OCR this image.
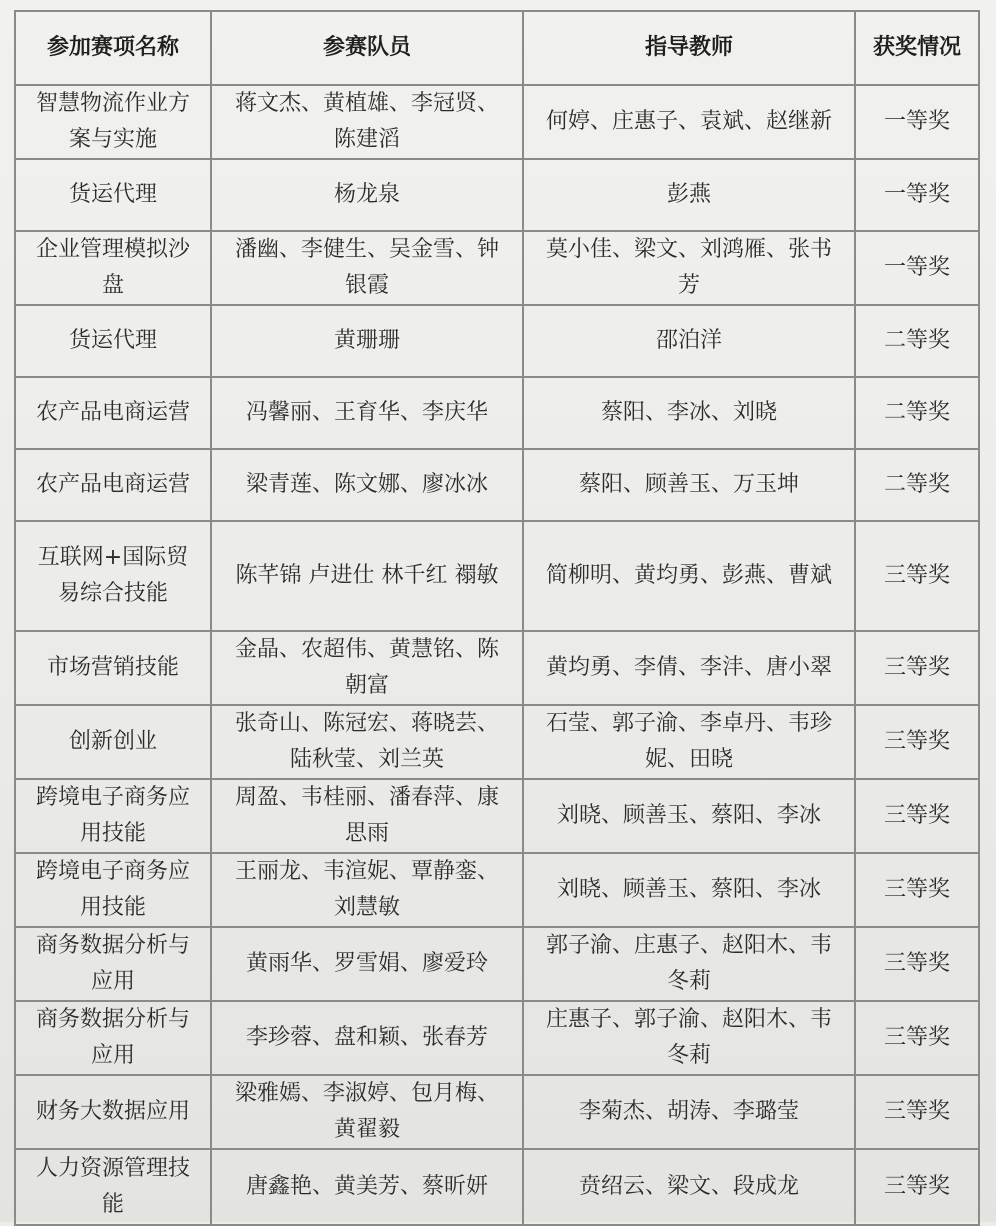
参加赛项名称	参赛队员	指导教师	获奖情况
智慧物流作业方案与实施	蒋文杰、黄植雄、李冠贤、陈建滔	何婷、庄惠子、袁斌、赵继新	一等奖
货运代理	杨龙泉	彭燕	一等奖
企业管理模拟沙盘	潘幽、李健生、吴金雪、钟银霞	莫小佳、梁文、刘鸿雁、张书芳	一等奖
货运代理	黄珊珊	邵泊洋	二等奖
农产品电商运营	冯馨丽、王育华、李庆华	蔡阳、李冰、刘晓	二等奖
农产品电商运营	梁青莲、陈文娜、廖冰冰	蔡阳、顾善玉、万玉坤	二等奖
互联网+国际贸易综合技能	陈芊锦 卢进仕 林千红 禤敏	简柳明、黄均勇、彭燕、曹斌	三等奖
市场营销技能	金晶、农超伟、黄慧铭、陈朝富	黄均勇、李倩、李沣、唐小翠	三等奖
创新创业	张奇山、陈冠宏、蒋晓芸、陆秋莹、刘兰英	石莹、郭子渝、李卓丹、韦珍妮、田晓	三等奖
跨境电子商务应用技能	周盈、韦桂丽、潘春萍、康思雨	刘晓、顾善玉、蔡阳、李冰	三等奖
跨境电子商务应用技能	王丽龙、韦渲妮、覃静銮、刘慧敏	刘晓、顾善玉、蔡阳、李冰	三等奖
商务数据分析与应用	黄雨华、罗雪娟、廖爱玲	郭子渝、庄惠子、赵阳木、韦冬莉	三等奖
商务数据分析与应用	李珍蓉、盘和颖、张春芳	庄惠子、郭子渝、赵阳木、韦冬莉	三等奖
财务大数据应用	梁雅嫣、李淑婷、包月梅、黄翟毅	李菊杰、胡涛、李璐莹	三等奖
人力资源管理技能	唐鑫艳、黄美芳、蔡昕妍	贲绍云、梁文、段成龙	三等奖
